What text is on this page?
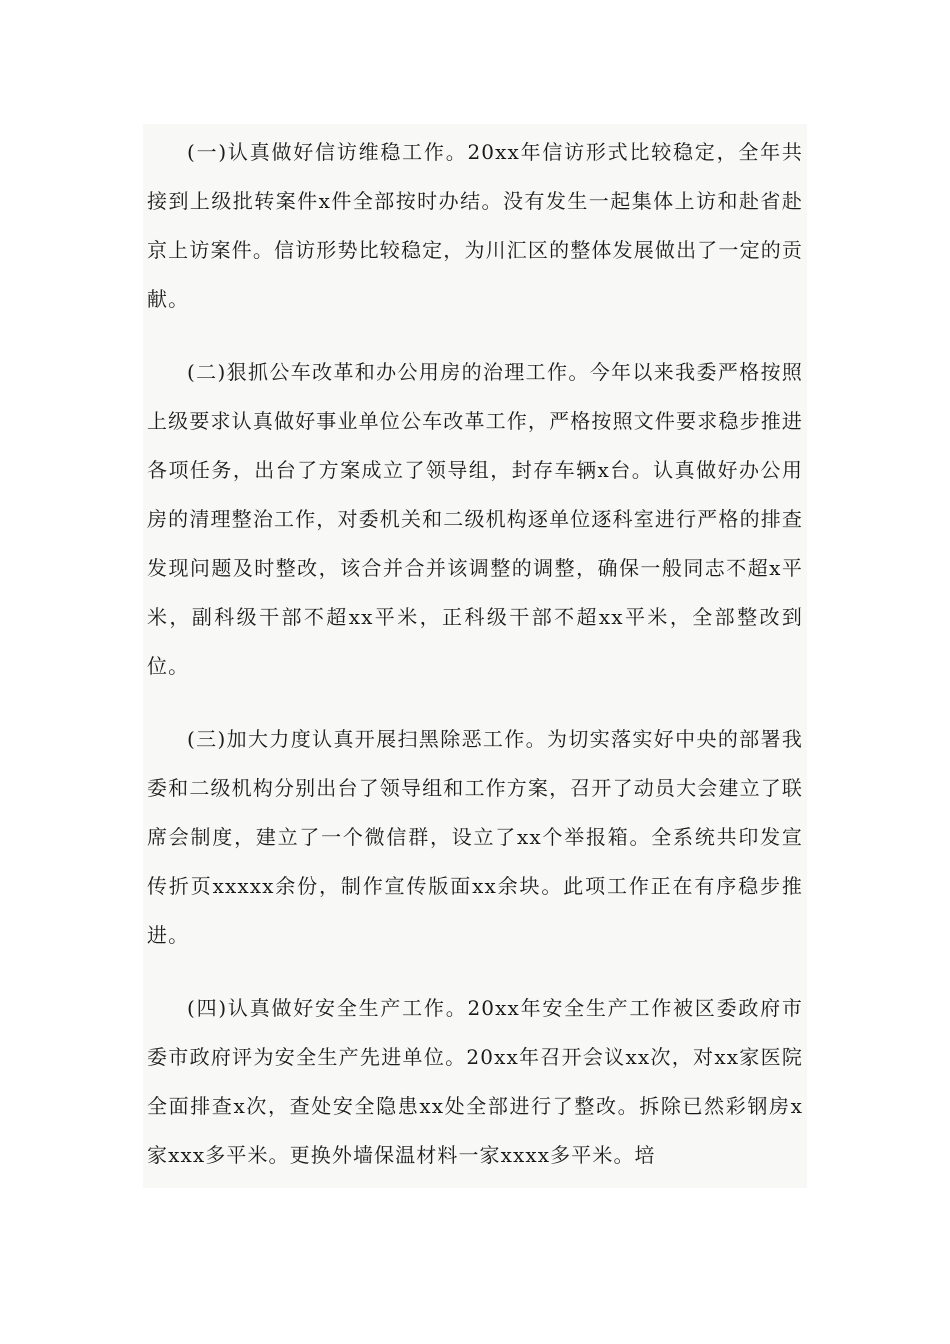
(一)认真做好信访维稳工作。20xx年信访形式比较稳定，全年共接到上级批转案件x件全部按时办结。没有发生一起集体上访和赴省赴京上访案件。信访形势比较稳定，为川汇区的整体发展做出了一定的贡献。

(二)狠抓公车改革和办公用房的治理工作。今年以来我委严格按照上级要求认真做好事业单位公车改革工作，严格按照文件要求稳步推进各项任务，出台了方案成立了领导组，封存车辆x台。认真做好办公用房的清理整治工作，对委机关和二级机构逐单位逐科室进行严格的排查发现问题及时整改，该合并合并该调整的调整，确保一般同志不超x平米，副科级干部不超xx平米，正科级干部不超xx平米，全部整改到位。

(三)加大力度认真开展扫黑除恶工作。为切实落实好中央的部署我委和二级机构分别出台了领导组和工作方案，召开了动员大会建立了联席会制度，建立了一个微信群，设立了xx个举报箱。全系统共印发宣传折页xxxxx余份，制作宣传版面xx余块。此项工作正在有序稳步推进。

(四)认真做好安全生产工作。20xx年安全生产工作被区委政府市委市政府评为安全生产先进单位。20xx年召开会议xx次，对xx家医院全面排查x次，查处安全隐患xx处全部进行了整改。拆除已然彩钢房x家xxx多平米。更换外墙保温材料一家xxxx多平米。培
